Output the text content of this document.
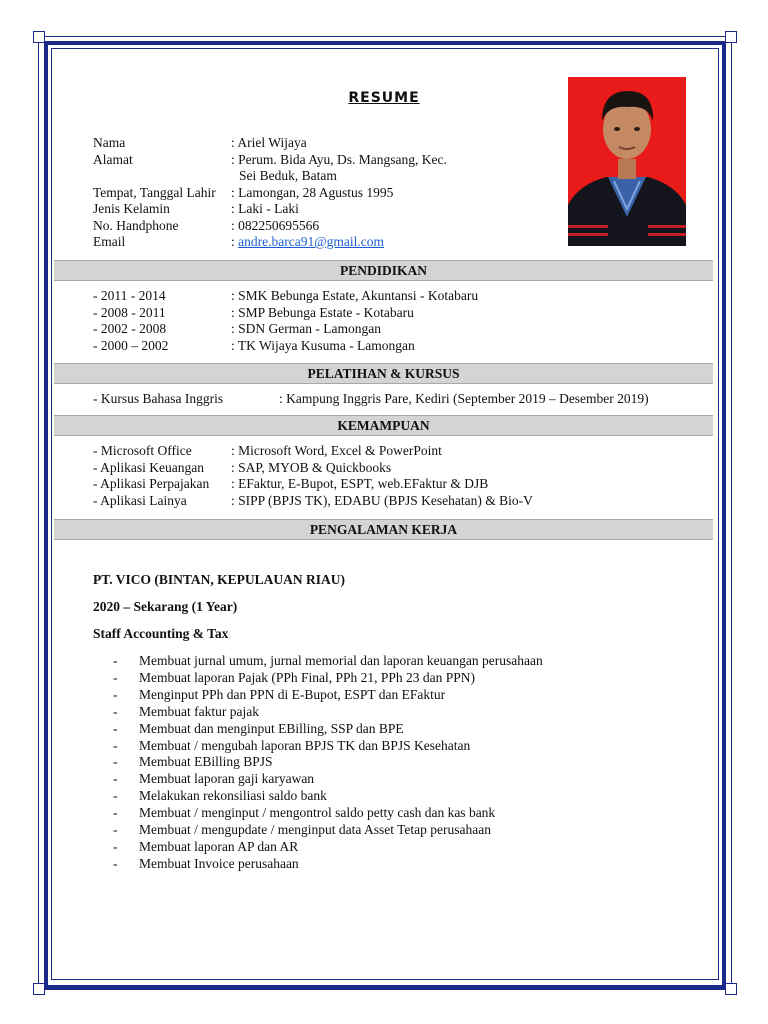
RESUME
Nama	: Ariel Wijaya
Alamat	: Perum. Bida Ayu, Ds. Mangsang, Kec.
Sei Beduk, Batam
Tempat, Tanggal Lahir : Lamongan, 28 Agustus 1995
Jenis Kelamin	: Laki - Laki
No. Handphone	: 082250695566
Email	: andre.barca91@gmail.com
PENDIDIKAN
- 2011 - 2014	: SMK Bebunga Estate, Akuntansi - Kotabaru
- 2008 - 2011	: SMP Bebunga Estate - Kotabaru
- 2002 - 2008	: SDN German - Lamongan
- 2000 – 2002	: TK Wijaya Kusuma - Lamongan
PELATIHAN & KURSUS
- Kursus Bahasa Inggris	: Kampung Inggris Pare, Kediri (September 2019 – Desember 2019)
KEMAMPUAN
- Microsoft Office	: Microsoft Word, Excel & PowerPoint
- Aplikasi Keuangan : SAP, MYOB & Quickbooks
- Aplikasi Perpajakan : EFaktur, E-Bupot, ESPT, web.EFaktur & DJB
- Aplikasi Lainya	: SIPP (BPJS TK), EDABU (BPJS Kesehatan) & Bio-V
PENGALAMAN KERJA
PT. VICO (BINTAN, KEPULAUAN RIAU)
2020 – Sekarang (1 Year)
Staff Accounting & Tax
- Membuat jurnal umum, jurnal memorial dan laporan keuangan perusahaan
- Membuat laporan Pajak (PPh Final, PPh 21, PPh 23 dan PPN)
- Menginput PPh dan PPN di E-Bupot, ESPT dan EFaktur
- Membuat faktur pajak
- Membuat dan menginput EBilling, SSP dan BPE
- Membuat / mengubah laporan BPJS TK dan BPJS Kesehatan
- Membuat EBilling BPJS
- Membuat laporan gaji karyawan
- Melakukan rekonsiliasi saldo bank
- Membuat / menginput / mengontrol saldo petty cash dan kas bank
- Membuat / mengupdate / menginput data Asset Tetap perusahaan
- Membuat laporan AP dan AR
- Membuat Invoice perusahaan
